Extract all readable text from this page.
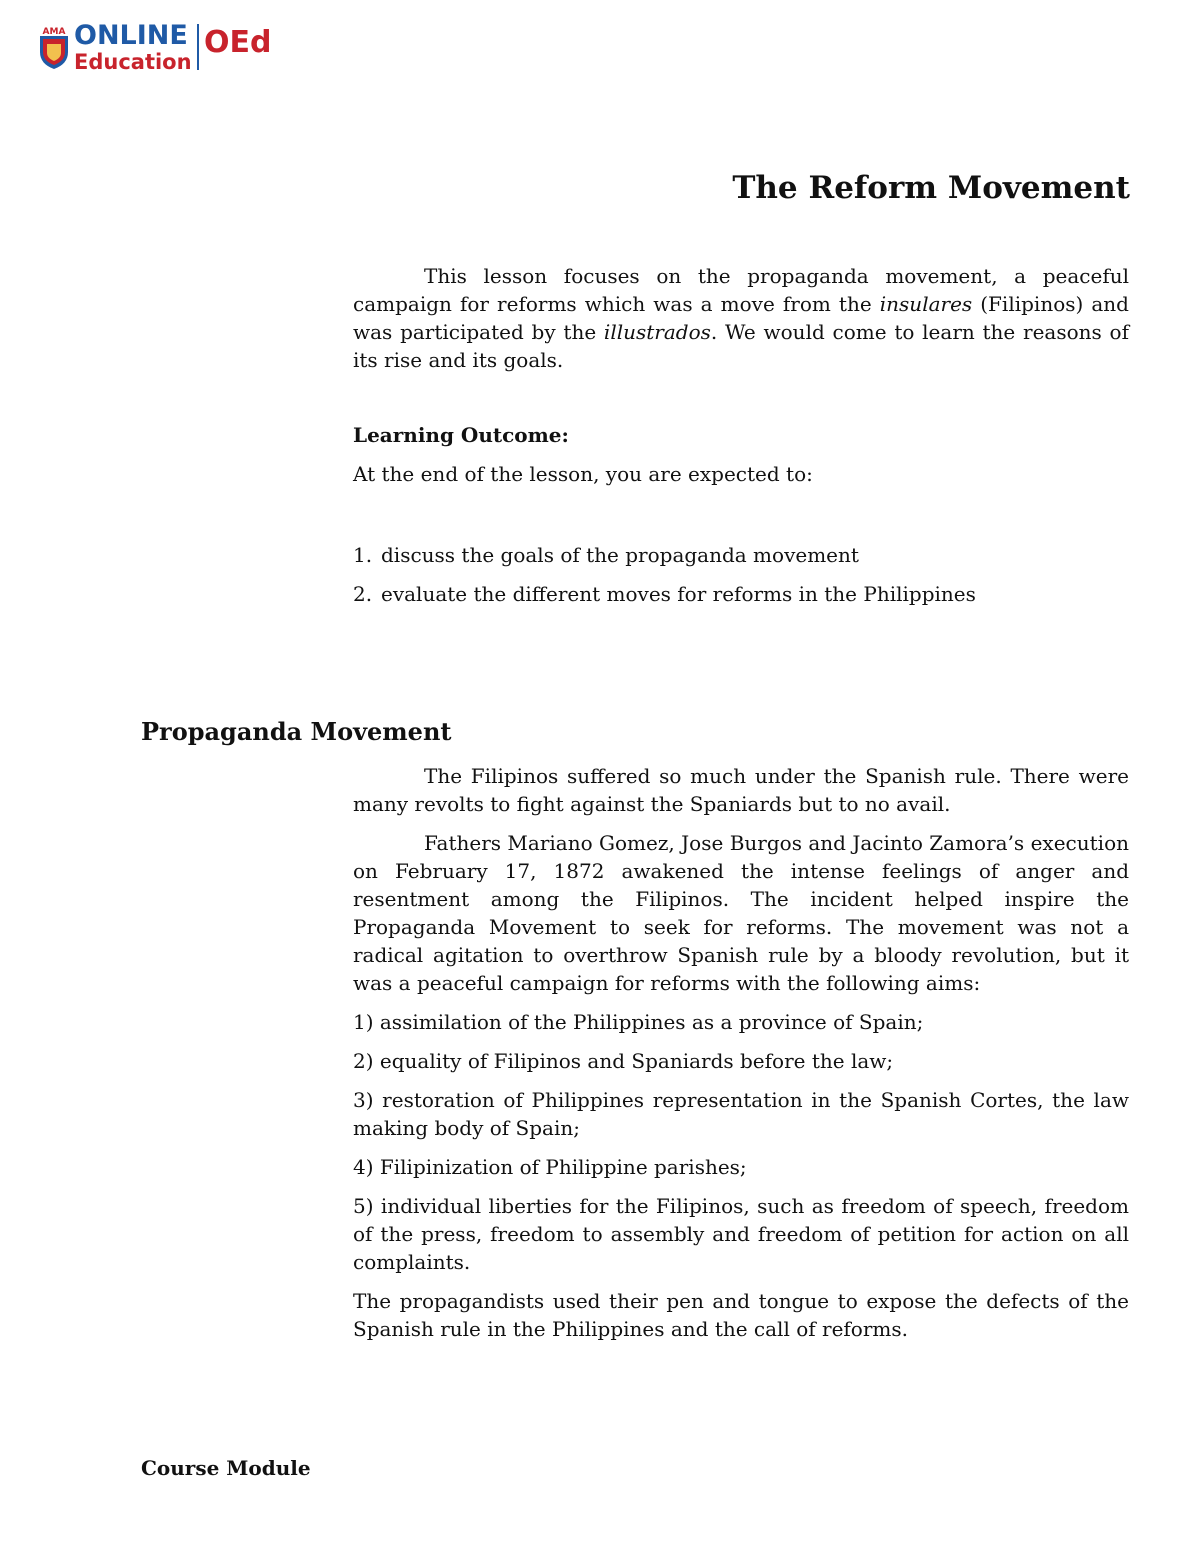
AMA ONLINE
Education
OEd
The Reform Movement

This lesson focuses on the propaganda movement, a peaceful campaign for reforms which was a move from the insulares (Filipinos) and was participated by the illustrados. We would come to learn the reasons of its rise and its goals.

Learning Outcome:

At the end of the lesson, you are expected to:

1. discuss the goals of the propaganda movement
2. evaluate the different moves for reforms in the Philippines
Propaganda Movement

The Filipinos suffered so much under the Spanish rule. There were many revolts to fight against the Spaniards but to no avail.

Fathers Mariano Gomez, Jose Burgos and Jacinto Zamora’s execution on February 17, 1872 awakened the intense feelings of anger and resentment among the Filipinos. The incident helped inspire the Propaganda Movement to seek for reforms. The movement was not a radical agitation to overthrow Spanish rule by a bloody revolution, but it was a peaceful campaign for reforms with the following aims:

1) assimilation of the Philippines as a province of Spain;

2) equality of Filipinos and Spaniards before the law;

3) restoration of Philippines representation in the Spanish Cortes, the law making body of Spain;

4) Filipinization of Philippine parishes;

5) individual liberties for the Filipinos, such as freedom of speech, freedom of the press, freedom to assembly and freedom of petition for action on all complaints.

The propagandists used their pen and tongue to expose the defects of the Spanish rule in the Philippines and the call of reforms.

Course Module
